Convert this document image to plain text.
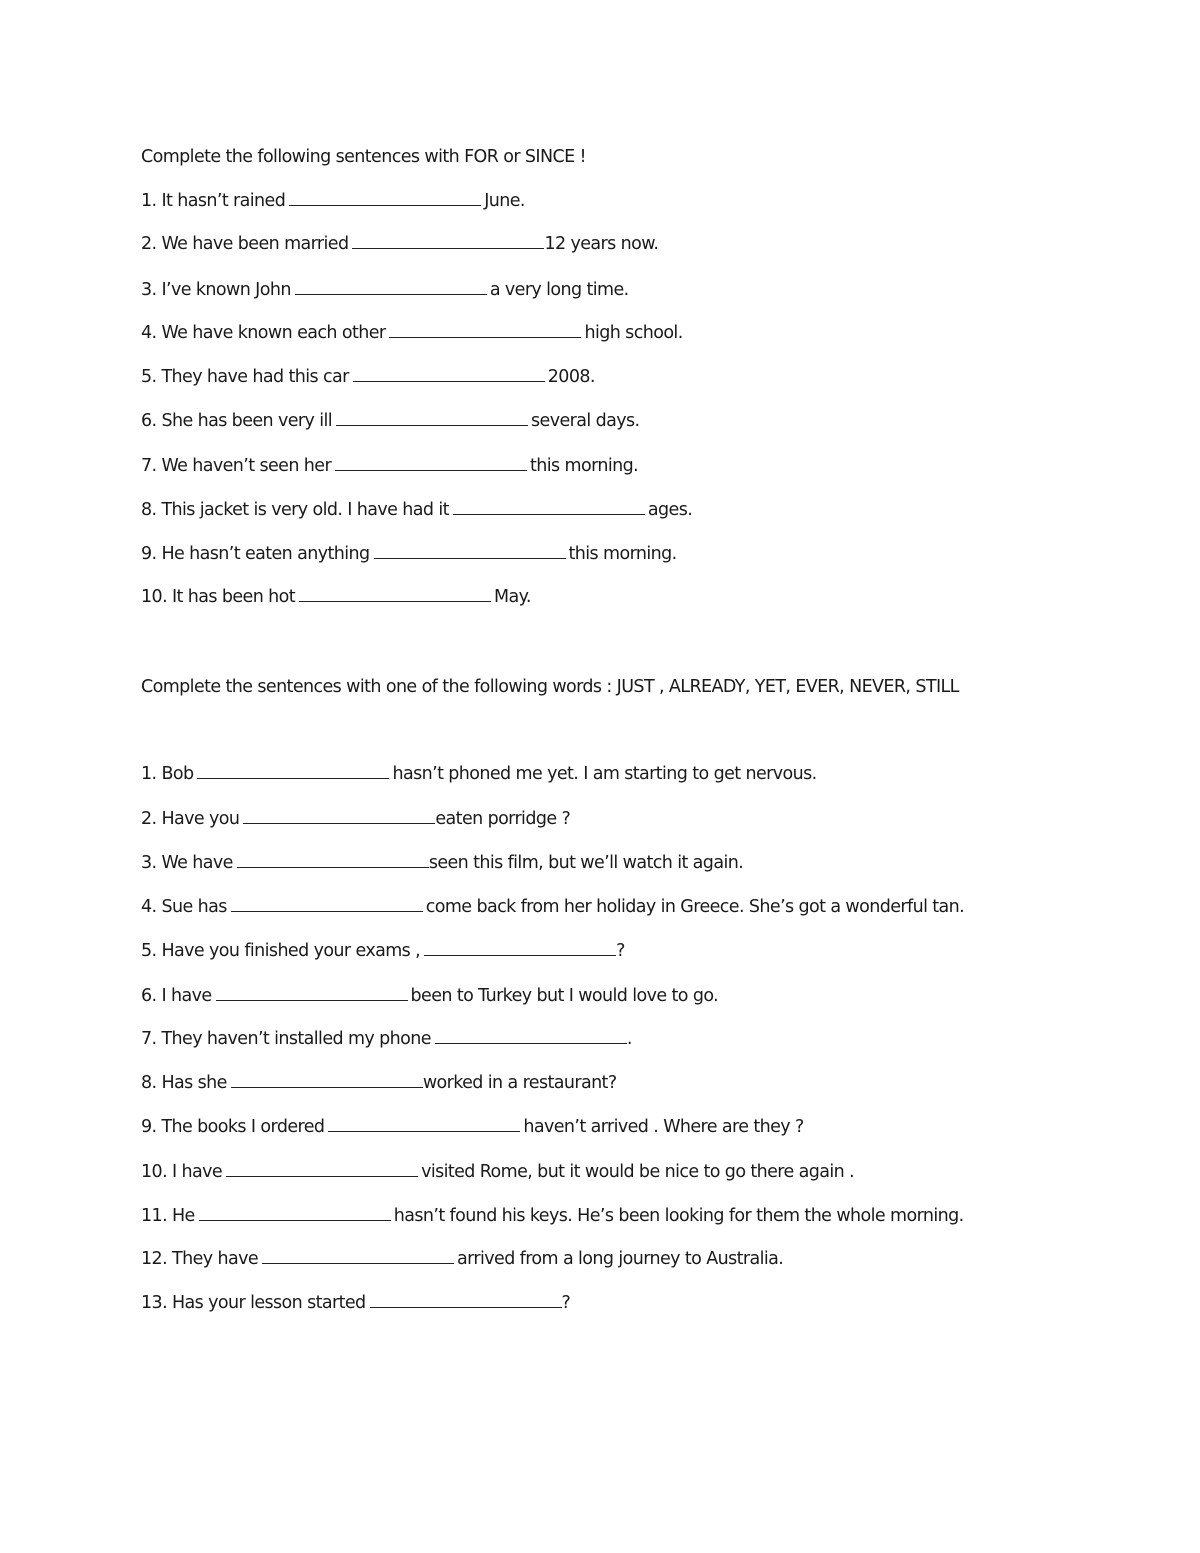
Complete the following sentences with FOR or SINCE !
1. It hasn’t rained	June.
2. We have been married	12 years now.
3. I’ve known John	a very long time.
4. We have known each other	high school.
5. They have had this car	2008.
6. She has been very ill	several days.
7. We haven’t seen her	this morning.
8. This jacket is very old. I have had it	ages.
9. He hasn’t eaten anything	this morning.
10. It has been hot	May.
Complete the sentences with one of the following words : JUST , ALREADY, YET, EVER, NEVER, STILL
1. Bob	hasn’t phoned me yet. I am starting to get nervous.
2. Have you	eaten porridge ?
3. We have	seen this film, but we’ll watch it again.
4. Sue has	come back from her holiday in Greece. She’s got a wonderful tan.
5. Have you finished your exams ,	?
6. I have	been to Turkey but I would love to go.
7. They haven’t installed my phone	.
8. Has she	worked in a restaurant?
9. The books I ordered	haven’t arrived . Where are they ?
10. I have	visited Rome, but it would be nice to go there again .
11. He	hasn’t found his keys. He’s been looking for them the whole morning.
12. They have	arrived from a long journey to Australia.
13. Has your lesson started	?
